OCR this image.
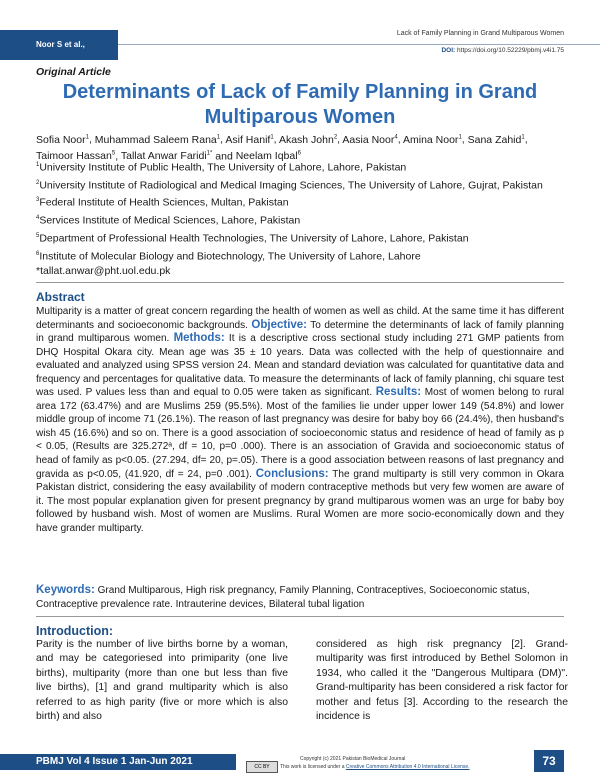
Noor S et al.,
Lack of Family Planning in Grand Multiparous Women
DOI: https://doi.org/10.52229/pbmj.v4i1.75
Original Article
Determinants of Lack of Family Planning in Grand Multiparous Women
Sofia Noor$^1$, Muhammad Saleem Rana$^1$, Asif Hanif$^1$, Akash John$^2$, Aasia Noor$^4$, Amina Noor$^1$, Sana Zahid$^1$, Taimoor Hassan$^5$, Tallat Anwar Faridi$^{1*}$ and Neelam Iqbal$^6$
$^1$University Institute of Public Health, The University of Lahore, Lahore, Pakistan
$^2$University Institute of Radiological and Medical Imaging Sciences, The University of Lahore, Gujrat, Pakistan
$^3$Federal Institute of Health Sciences, Multan, Pakistan
$^4$Services Institute of Medical Sciences, Lahore, Pakistan
$^5$Department of Professional Health Technologies, The University of Lahore, Lahore, Pakistan
$^6$Institute of Molecular Biology and Biotechnology, The University of Lahore, Lahore
*tallat.anwar@pht.uol.edu.pk
Abstract
Multiparity is a matter of great concern regarding the health of women as well as child. At the same time it has different determinants and socioeconomic backgrounds. Objective: To determine the determinants of lack of family planning in grand multiparous women. Methods: It is a descriptive cross sectional study including 271 GMP patients from DHQ Hospital Okara city. Mean age was 35 ± 10 years. Data was collected with the help of questionnaire and evaluated and analyzed using SPSS version 24. Mean and standard deviation was calculated for quantitative data and frequency and percentages for qualitative data. To measure the determinants of lack of family planning, chi square test was used. P values less than and equal to 0.05 were taken as significant. Results: Most of women belong to rural area 172 (63.47%) and are Muslims 259 (95.5%). Most of the families lie under upper lower 149 (54.8%) and lower middle group of income 71 (26.1%). The reason of last pregnancy was desire for baby boy 66 (24.4%), then husband's wish 45 (16.6%) and so on. There is a good association of socioeconomic status and residence of head of family as p < 0.05, (Results are 325.272ᵃ, df = 10, p=0 .000). There is an association of Gravida and socioeconomic status of head of family as p<0.05. (27.294, df= 20, p=.05). There is a good association between reasons of last pregnancy and gravida as p<0.05, (41.920, df = 24, p=0 .001). Conclusions: The grand multiparty is still very common in Okara Pakistan district, considering the easy availability of modern contraceptive methods but very few women are aware of it. The most popular explanation given for present pregnancy by grand multiparous women was an urge for baby boy followed by husband wish. Most of women are Muslims. Rural Women are more socio-economically down and they have grander multiparty.
Keywords: Grand Multiparous, High risk pregnancy, Family Planning, Contraceptives, Socioeconomic status, Contraceptive prevalence rate. Intrauterine devices, Bilateral tubal ligation
Introduction:
Parity is the number of live births borne by a woman, and may be categoriesed into primiparity (one live births), multiparity (more than one but less than five live births), [1] and grand multiparity which is also referred to as high parity (five or more which is also birth) and also
considered as high risk pregnancy [2]. Grand-multiparity was first introduced by Bethel Solomon in 1934, who called it the "Dangerous Multipara (DM)". Grand-multiparity has been considered a risk factor for mother and fetus [3]. According to the research the incidence is
PBMJ Vol 4 Issue 1 Jan-Jun 2021	CC BY
Copyright (c) 2021 Pakistan BioMedical Journal
This work is licensed under a Creative Commons Attribution 4.0 International License.	73
